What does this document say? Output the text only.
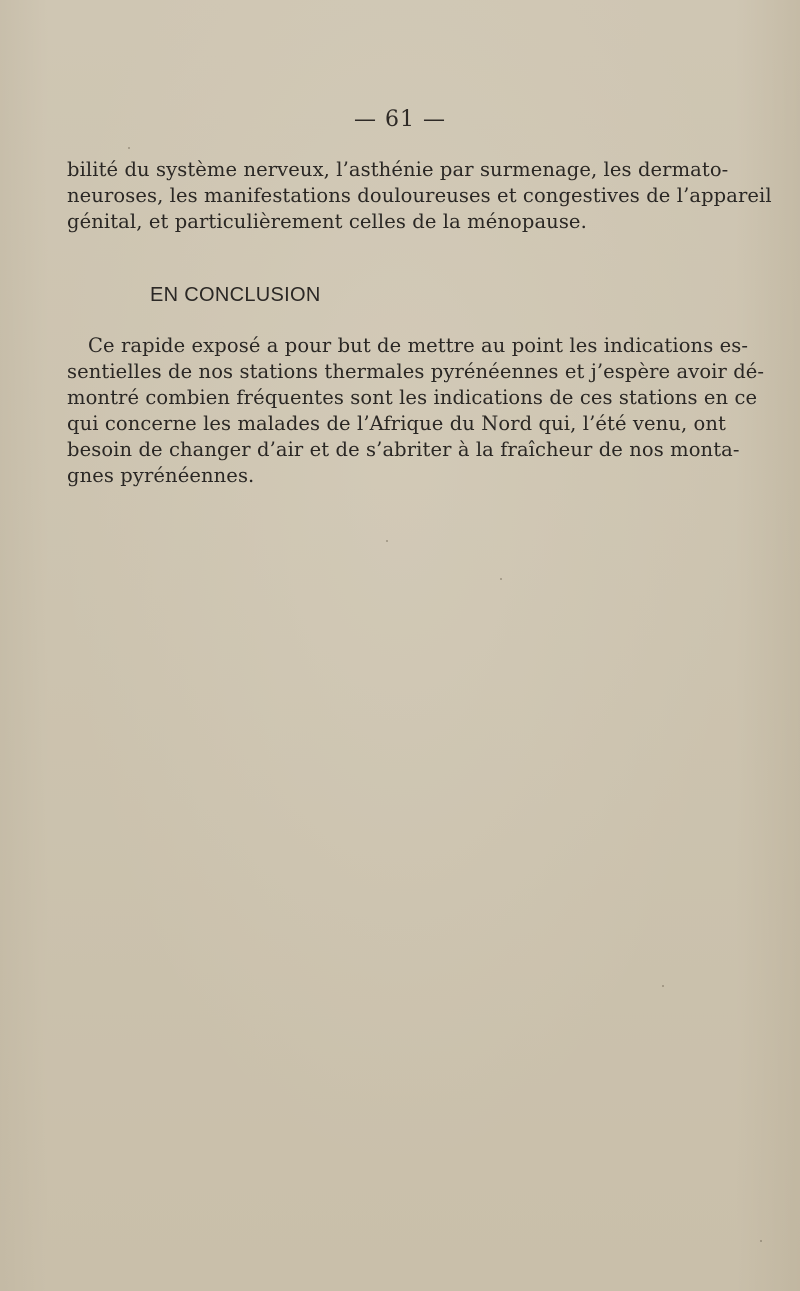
— 61 —

bilité du système nerveux, l’asthénie par surmenage, les dermato-
neuroses, les manifestations douloureuses et congestives de l’appareil
génital, et particulièrement celles de la ménopause.

EN CONCLUSION

Ce rapide exposé a pour but de mettre au point les indications es-
sentielles de nos stations thermales pyrénéennes et j’espère avoir dé-
montré combien fréquentes sont les indications de ces stations en ce
qui concerne les malades de l’Afrique du Nord qui, l’été venu, ont
besoin de changer d’air et de s’abriter à la fraîcheur de nos monta-
gnes pyrénéennes.
